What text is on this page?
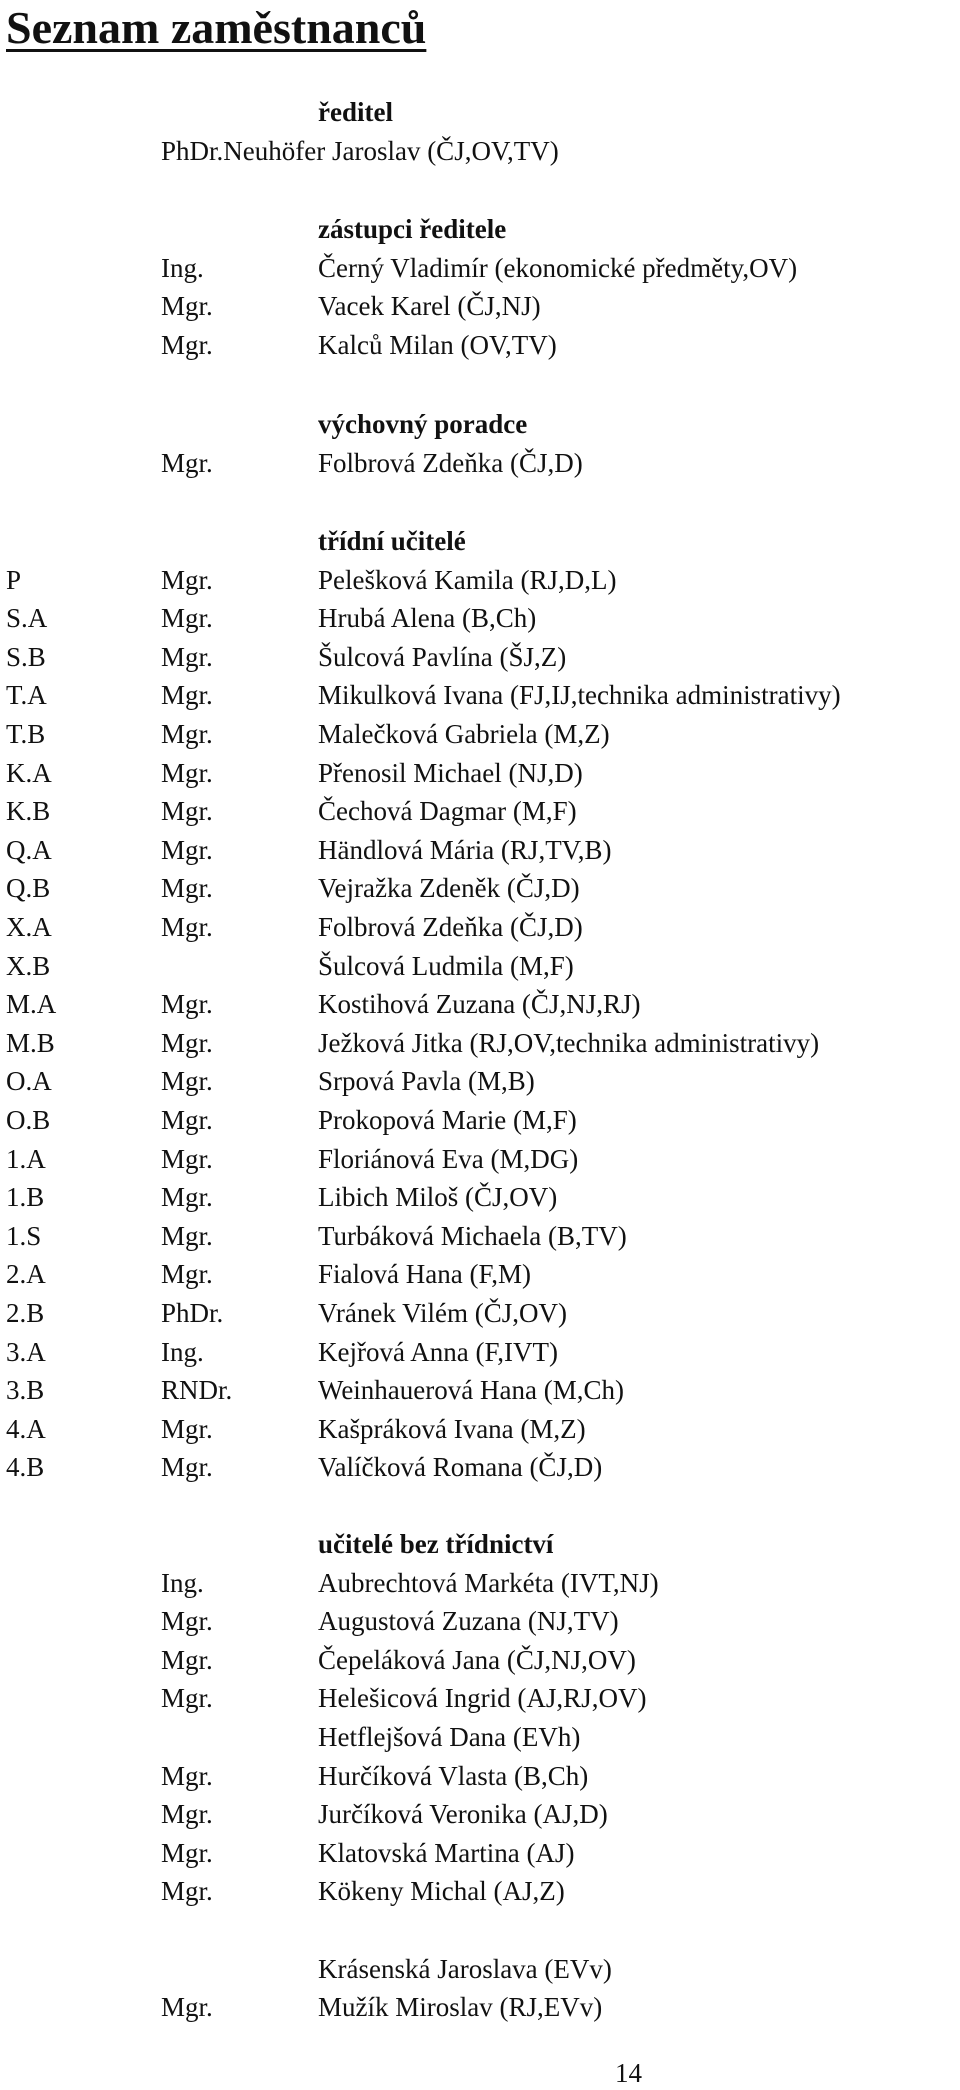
Seznam zaměstnanců
ředitel
PhDr.Neuhöfer Jaroslav (ČJ,OV,TV)
zástupci ředitele
Ing.	Černý Vladimír (ekonomické předměty,OV)
Mgr.	Vacek Karel (ČJ,NJ)
Mgr.	Kalců Milan (OV,TV)
výchovný poradce
Mgr.	Folbrová Zdeňka (ČJ,D)
třídní učitelé
P	Mgr.	Pelešková Kamila (RJ,D,L)
S.A	Mgr.	Hrubá Alena (B,Ch)
S.B	Mgr.	Šulcová Pavlína (ŠJ,Z)
T.A	Mgr.	Mikulková Ivana (FJ,IJ,technika administrativy)
T.B	Mgr.	Malečková Gabriela (M,Z)
K.A	Mgr.	Přenosil Michael (NJ,D)
K.B	Mgr.	Čechová Dagmar (M,F)
Q.A	Mgr.	Händlová Mária (RJ,TV,B)
Q.B	Mgr.	Vejražka Zdeněk (ČJ,D)
X.A	Mgr.	Folbrová Zdeňka (ČJ,D)
X.B	Šulcová Ludmila (M,F)
M.A	Mgr.	Kostihová Zuzana (ČJ,NJ,RJ)
M.B	Mgr.	Ježková Jitka (RJ,OV,technika administrativy)
O.A	Mgr.	Srpová Pavla (M,B)
O.B	Mgr.	Prokopová Marie (M,F)
1.A	Mgr.	Floriánová Eva (M,DG)
1.B	Mgr.	Libich Miloš (ČJ,OV)
1.S	Mgr.	Turbáková Michaela (B,TV)
2.A	Mgr.	Fialová Hana (F,M)
2.B	PhDr.	Vránek Vilém (ČJ,OV)
3.A	Ing.	Kejřová Anna (F,IVT)
3.B	RNDr.	Weinhauerová Hana (M,Ch)
4.A	Mgr.	Kašpráková Ivana (M,Z)
4.B	Mgr.	Valíčková Romana (ČJ,D)
učitelé bez třídnictví
Ing.	Aubrechtová Markéta (IVT,NJ)
Mgr.	Augustová Zuzana (NJ,TV)
Mgr.	Čepeláková Jana (ČJ,NJ,OV)
Mgr.	Helešicová Ingrid (AJ,RJ,OV)
Hetflejšová Dana (EVh)
Mgr.	Hurčíková Vlasta (B,Ch)
Mgr.	Jurčíková Veronika (AJ,D)
Mgr.	Klatovská Martina (AJ)
Mgr.	Kökeny Michal (AJ,Z)
Krásenská Jaroslava (EVv)
Mgr.	Mužík Miroslav (RJ,EVv)
14
